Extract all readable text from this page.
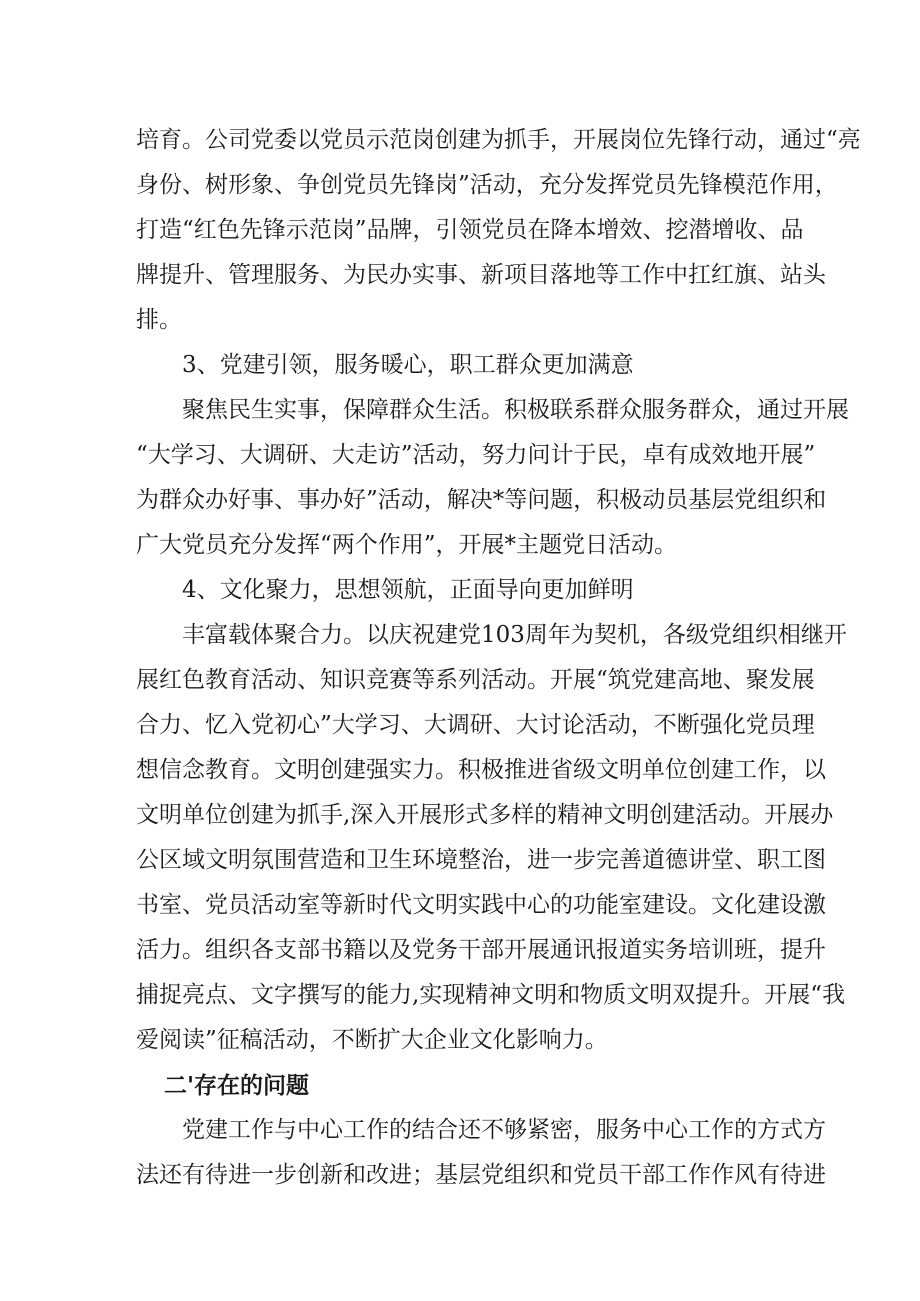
培育。公司党委以党员示范岗创建为抓手，开展岗位先锋行动，通过“亮
身份、树形象、争创党员先锋岗”活动，充分发挥党员先锋模范作用，
打造“红色先锋示范岗”品牌，引领党员在降本增效、挖潜增收、品
牌提升、管理服务、为民办实事、新项目落地等工作中扛红旗、站头
排。
3、党建引领，服务暖心，职工群众更加满意
聚焦民生实事，保障群众生活。积极联系群众服务群众，通过开展
“大学习、大调研、大走访”活动，努力问计于民，卓有成效地开展”
为群众办好事、事办好”活动，解决*等问题，积极动员基层党组织和
广大党员充分发挥“两个作用”，开展*主题党日活动。
4、文化聚力，思想领航，正面导向更加鲜明
丰富载体聚合力。以庆祝建党103周年为契机，各级党组织相继开
展红色教育活动、知识竞赛等系列活动。开展“筑党建高地、聚发展
合力、忆入党初心”大学习、大调研、大讨论活动，不断强化党员理
想信念教育。文明创建强实力。积极推进省级文明单位创建工作，以
文明单位创建为抓手,深入开展形式多样的精神文明创建活动。开展办
公区域文明氛围营造和卫生环境整治，进一步完善道德讲堂、职工图
书室、党员活动室等新时代文明实践中心的功能室建设。文化建设激
活力。组织各支部书籍以及党务干部开展通讯报道实务培训班，提升
捕捉亮点、文字撰写的能力,实现精神文明和物质文明双提升。开展“我
爱阅读”征稿活动，不断扩大企业文化影响力。
二'存在的问题
党建工作与中心工作的结合还不够紧密，服务中心工作的方式方
法还有待进一步创新和改进；基层党组织和党员干部工作作风有待进
